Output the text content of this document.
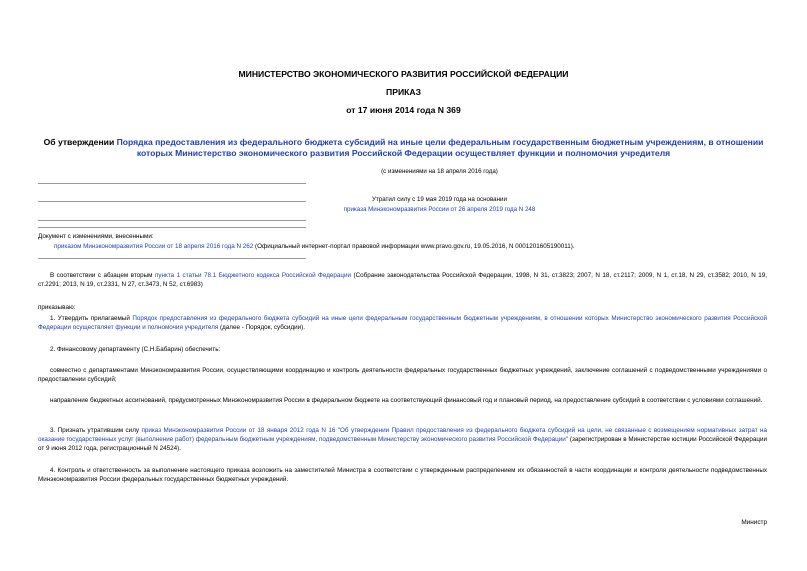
МИНИСТЕРСТВО ЭКОНОМИЧЕСКОГО РАЗВИТИЯ РОССИЙСКОЙ ФЕДЕРАЦИИ
ПРИКАЗ
от 17 июня 2014 года N 369
Об утверждении Порядка предоставления из федерального бюджета субсидий на иные цели федеральным государственным бюджетным учреждениям, в отношении которых Министерство экономического развития Российской Федерации осуществляет функции и полномочия учредителя
(с изменениями на 18 апреля 2016 года)
Утратил силу с 19 мая 2019 года на основании
приказа Минэкономразвития России от 26 апреля 2019 года N 248
Документ с изменениями, внесенными:
приказом Минэкономразвития России от 18 апреля 2016 года N 262 (Официальный интернет-портал правовой информации www.pravo.gov.ru, 19.05.2016, N 0001201605190011).
В соответствии с абзацем вторым пункта 1 статьи 78.1 Бюджетного кодекса Российской Федерации (Собрание законодательства Российской Федерации, 1998, N 31, ст.3823; 2007, N 18, ст.2117; 2009, N 1, ст.18, N 29, ст.3582; 2010, N 19, ст.2291; 2013, N 19, ст.2331, N 27, ст.3473, N 52, ст.6983)
приказываю:
1. Утвердить прилагаемый Порядок предоставления из федерального бюджета субсидий на иные цели федеральным государственным бюджетным учреждениям, в отношении которых Министерство экономического развития Российской Федерации осуществляет функции и полномочия учредителя (далее - Порядок, субсидии).
2. Финансовому департаменту (С.Н.Бабарин) обеспечить:
совместно с департаментами Минэкономразвития России, осуществляющими координацию и контроль деятельности федеральных государственных бюджетных учреждений, заключение соглашений с подведомственными учреждениями о предоставлении субсидий;
направление бюджетных ассигнований, предусмотренных Минэкономразвития России в федеральном бюджете на соответствующий финансовый год и плановый период, на предоставление субсидий в соответствии с условиями соглашений.
3. Признать утратившим силу приказ Минэкономразвития России от 18 января 2012 года N 16 "Об утверждении Правил предоставления из федерального бюджета субсидий на цели, не связанные с возмещением нормативных затрат на оказание государственных услуг (выполнение работ) федеральным бюджетным учреждениям, подведомственным Министерству экономического развития Российской Федерации" (зарегистрирован в Министерстве юстиции Российской Федерации от 9 июня 2012 года, регистрационный N 24524).
4. Контроль и ответственность за выполнение настоящего приказа возложить на заместителей Министра в соответствии с утвержденным распределением их обязанностей в части координации и контроля деятельности подведомственных Минэкономразвития России федеральных государственных бюджетных учреждений.
Министр
